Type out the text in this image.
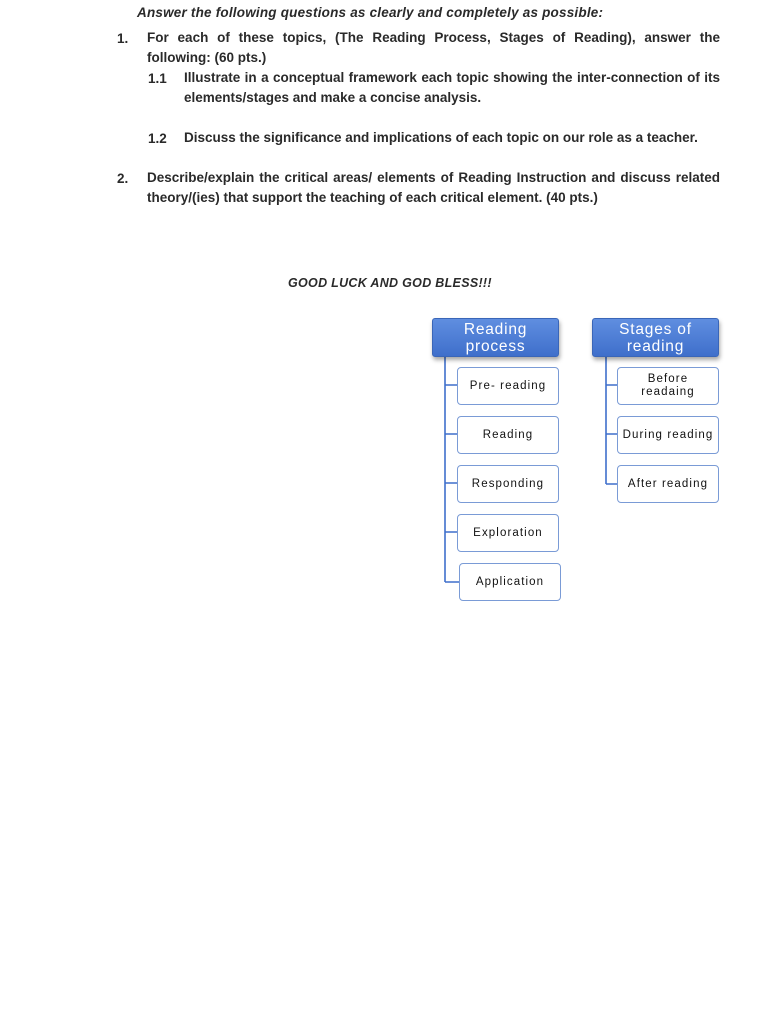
Answer the following questions as clearly and completely as possible:
1. For each of these topics, (The Reading Process, Stages of Reading), answer the following: (60 pts.)
1.1 Illustrate in a conceptual framework each topic showing the inter-connection of its elements/stages and make a concise analysis.
1.2 Discuss the significance and implications of each topic on our role as a teacher.
2. Describe/explain the critical areas/ elements of Reading Instruction and discuss related theory/(ies) that support the teaching of each critical element. (40 pts.)
GOOD LUCK AND GOD BLESS!!!
Reading process
Pre- reading
Reading
Responding
Exploration
Application
Stages of reading
Before readaing
During reading
After reading
